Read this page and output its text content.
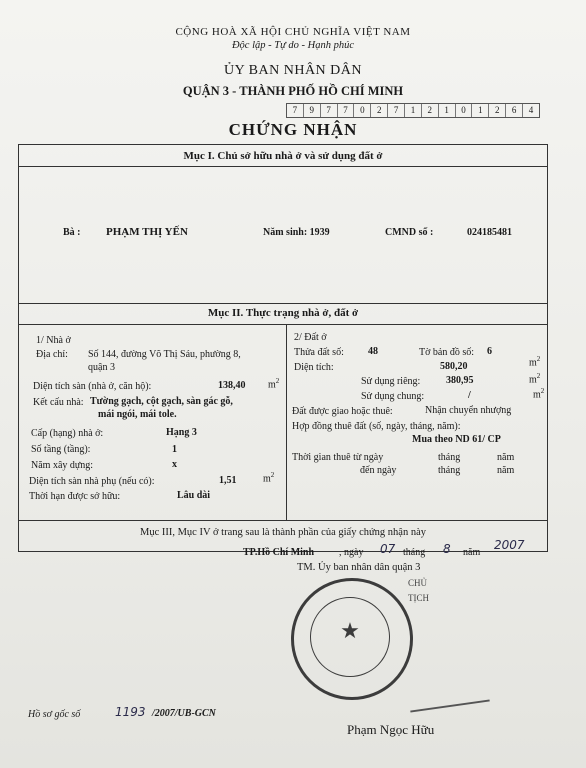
CỘNG HOÀ XÃ HỘI CHỦ NGHĨA VIỆT NAM
Độc lập - Tự do - Hạnh phúc
ỦY BAN NHÂN DÂN
QUẬN 3 - THÀNH PHỐ HỒ CHÍ MINH
7	9	7	7	0	2	7	1	2	1	0	1	2	6	4
CHỨNG NHẬN
Mục I. Chủ sở hữu nhà ở và sử dụng đất ở
Bà : PHẠM THỊ YẾN	Năm sinh: 1939	CMND số :	024185481
Mục II. Thực trạng nhà ở, đất ở
1/ Nhà ở
Địa chỉ: Số 144, đường Võ Thị Sáu, phường 8,
quận 3
Diện tích sàn (nhà ở, căn hộ):	138,40 $m^2$
Kết cấu nhà: Tường gạch, cột gạch, sàn gác gỗ,
mái ngói, mái tole.
Cấp (hạng) nhà ở:	Hạng 3
Số tầng (tầng):	1
Năm xây dựng:	x
Diện tích sàn nhà phụ (nếu có):	1,51	$m^2$
Thời hạn được sở hữu:	Lâu dài
2/ Đất ở
Thửa đất số: 48	Tờ bản đồ số: 6
Diện tích:	580,20	$m^2$
Sử dụng riêng:	380,95	$m^2$
Sử dụng chung:	/	$m^2$
Đất được giao hoặc thuê:	Nhận chuyển nhượng
Hợp đồng thuê đất (số, ngày, tháng, năm):
Mua theo ND 61/ CP
Thời gian thuê từ ngày	tháng	năm
đến ngày	tháng	năm
Mục III, Mục IV ở trang sau là thành phần của giấy chứng nhận này
TP.Hồ Chí Minh , ngày 07 tháng 8 năm
2007
TM. Ủy ban nhân dân quận 3
CHỦ TỊCH
★
Phạm Ngọc Hữu
Hồ sơ gốc số	1193 /2007/UB-GCN
